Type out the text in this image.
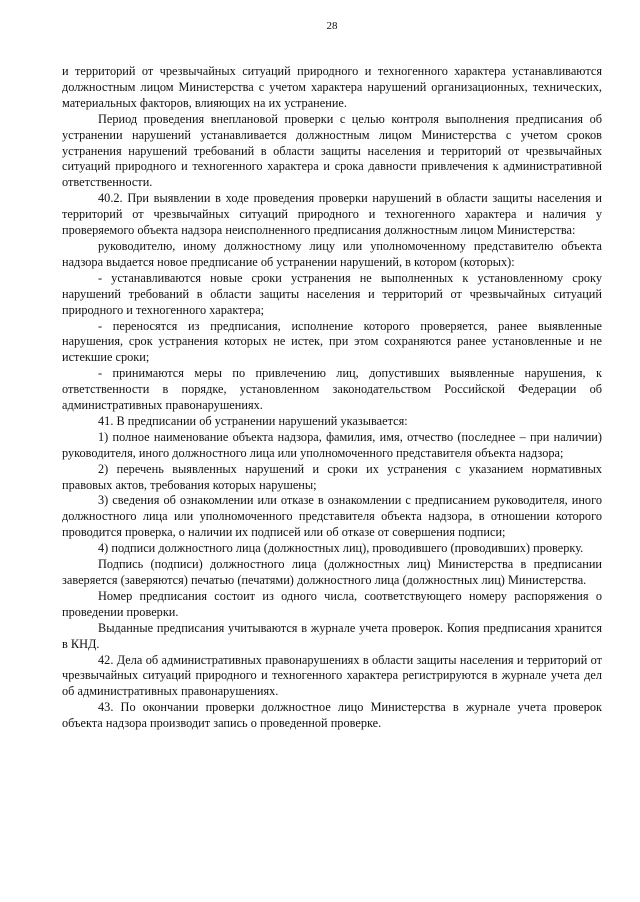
28

и территорий от чрезвычайных ситуаций природного и техногенного характера устанавливаются должностным лицом Министерства с учетом характера нарушений организационных, технических, материальных факторов, влияющих на их устранение.

Период проведения внеплановой проверки с целью контроля выполнения предписания об устранении нарушений устанавливается должностным лицом Министерства с учетом сроков устранения нарушений требований в области защиты населения и территорий от чрезвычайных ситуаций природного и техногенного характера и срока давности привлечения к административной ответственности.

40.2. При выявлении в ходе проведения проверки нарушений в области защиты населения и территорий от чрезвычайных ситуаций природного и техногенного характера и наличия у проверяемого объекта надзора неисполненного предписания должностным лицом Министерства:

руководителю, иному должностному лицу или уполномоченному представителю объекта надзора выдается новое предписание об устранении нарушений, в котором (которых):

- устанавливаются новые сроки устранения не выполненных к установленному сроку нарушений требований в области защиты населения и территорий от чрезвычайных ситуаций природного и техногенного характера;

- переносятся из предписания, исполнение которого проверяется, ранее выявленные нарушения, срок устранения которых не истек, при этом сохраняются ранее установленные и не истекшие сроки;

- принимаются меры по привлечению лиц, допустивших выявленные нарушения, к ответственности в порядке, установленном законодательством Российской Федерации об административных правонарушениях.

41. В предписании об устранении нарушений указывается:

1) полное наименование объекта надзора, фамилия, имя, отчество (последнее – при наличии) руководителя, иного должностного лица или уполномоченного представителя объекта надзора;

2) перечень выявленных нарушений и сроки их устранения с указанием нормативных правовых актов, требования которых нарушены;

3) сведения об ознакомлении или отказе в ознакомлении с предписанием руководителя, иного должностного лица или уполномоченного представителя объекта надзора, в отношении которого проводится проверка, о наличии их подписей или об отказе от совершения подписи;

4) подписи должностного лица (должностных лиц), проводившего (проводивших) проверку.

Подпись (подписи) должностного лица (должностных лиц) Министерства в предписании заверяется (заверяются) печатью (печатями) должностного лица (должностных лиц) Министерства.

Номер предписания состоит из одного числа, соответствующего номеру распоряжения о проведении проверки.

Выданные предписания учитываются в журнале учета проверок. Копия предписания хранится в КНД.

42. Дела об административных правонарушениях в области защиты населения и территорий от чрезвычайных ситуаций природного и техногенного характера регистрируются в журнале учета дел об административных правонарушениях.

43. По окончании проверки должностное лицо Министерства в журнале учета проверок объекта надзора производит запись о проведенной проверке.
